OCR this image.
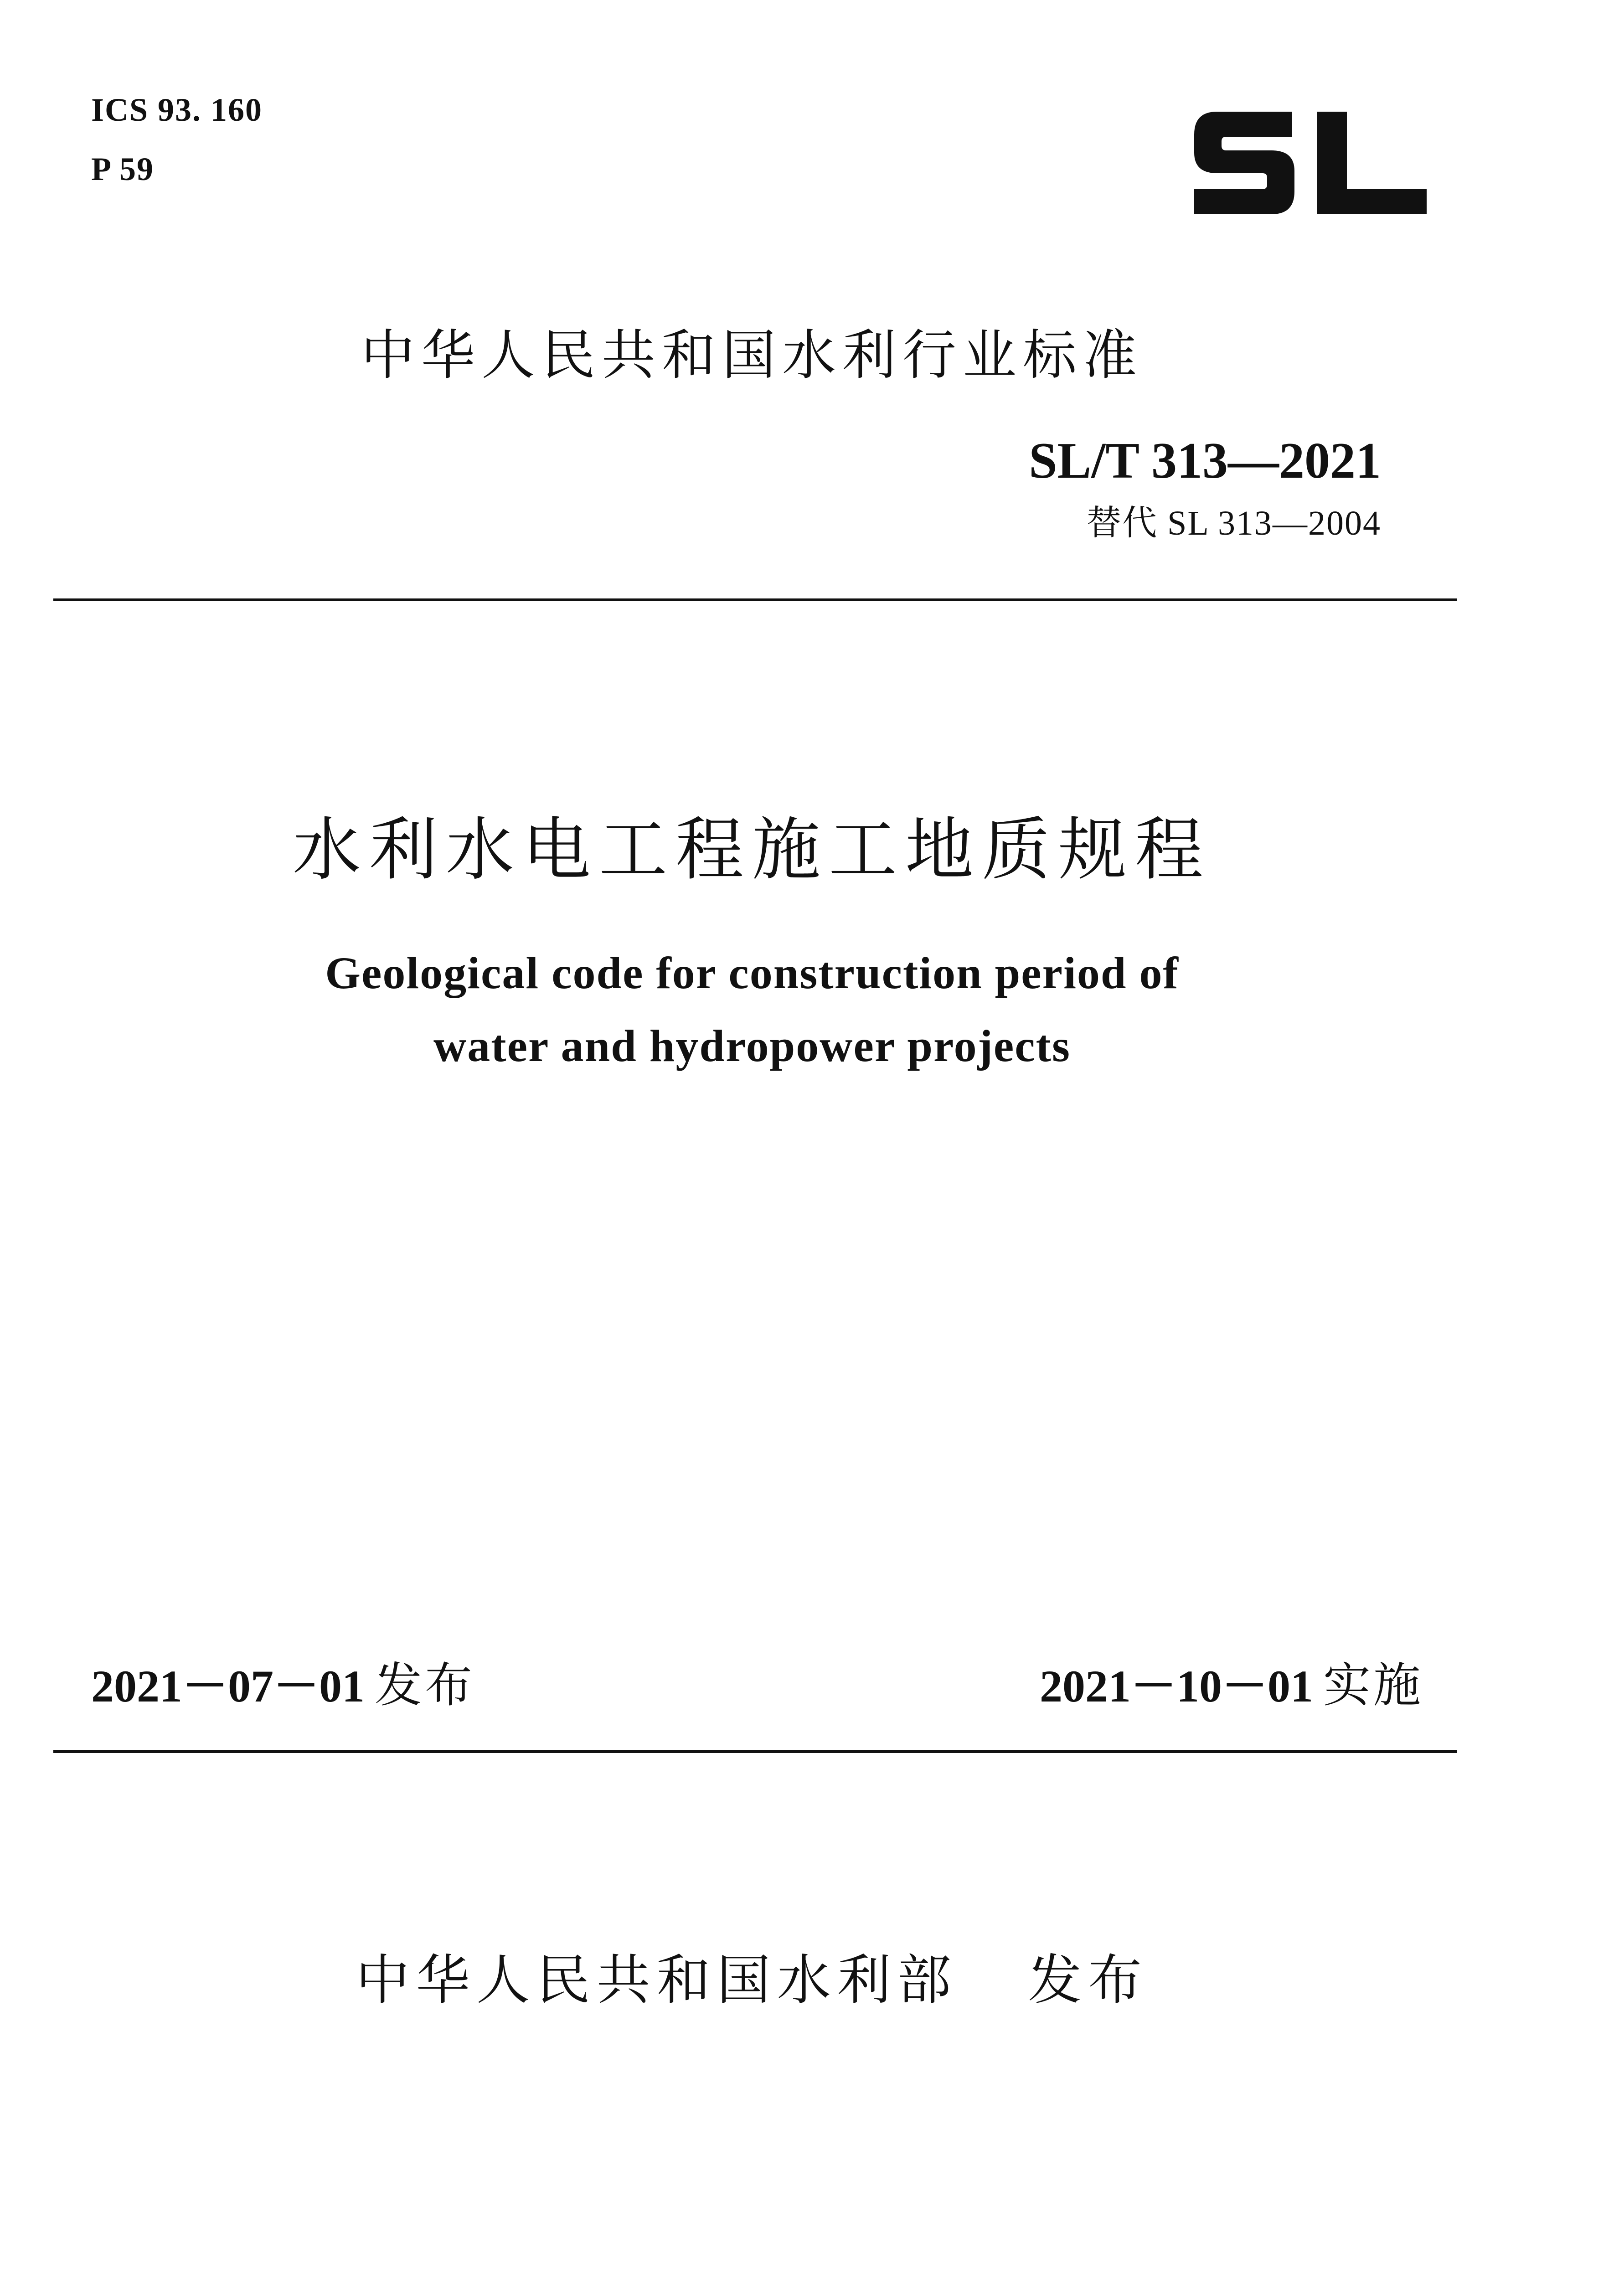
ICS 93. 160
P 59
中华人民共和国水利行业标准
SL/T 313—2021
替代 SL 313—2004
水利水电工程施工地质规程
Geological code for construction period of
water and hydropower projects
2021－07－01 发布	2021－10－01 实施
中华人民共和国水利部   发布
